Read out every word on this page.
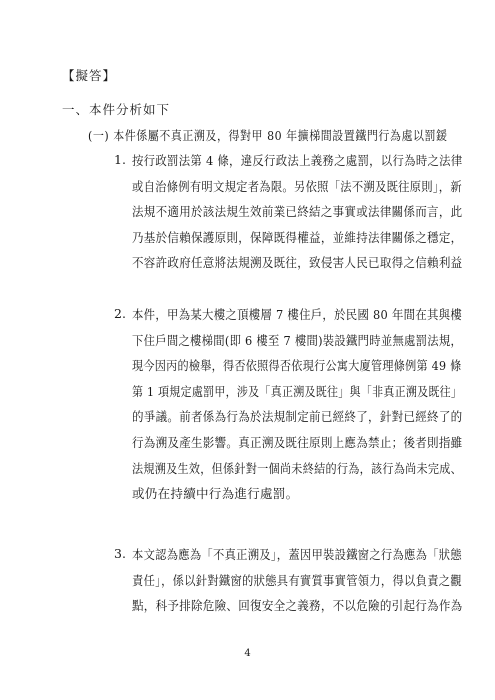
【擬答】
一、本件分析如下
(一) 本件係屬不真正溯及，得對甲 80 年擴梯間設置鐵門行為處以罰鍰
1. 按行政罰法第 4 條，違反行政法上義務之處罰，以行為時之法律
或自治條例有明文規定者為限。另依照「法不溯及既往原則」，新
法規不適用於該法規生效前業已終結之事實或法律關係而言，此
乃基於信賴保護原則，保障既得權益，並維持法律關係之穩定，
不容許政府任意將法規溯及既往，致侵害人民已取得之信賴利益
2. 本件，甲為某大樓之頂樓層 7 樓住戶，於民國 80 年間在其與樓
下住戶間之樓梯間(即 6 樓至 7 樓間)裝設鐵門時並無處罰法規，
現今因丙的檢舉，得否依照得否依現行公寓大廈管理條例第 49 條
第 1 項規定處罰甲，涉及「真正溯及既往」與「非真正溯及既往」
的爭議。前者係為行為於法規制定前已經終了，針對已經終了的
行為溯及產生影響。真正溯及既往原則上應為禁止；後者則指雖
法規溯及生效，但係針對一個尚未終結的行為，該行為尚未完成、
或仍在持續中行為進行處罰。
3. 本文認為應為「不真正溯及」，蓋因甲裝設鐵窗之行為應為「狀態
責任」，係以針對鐵窗的狀態具有實質事實管領力，得以負責之觀
點，科予排除危險、回復安全之義務，不以危險的引起行為作為
4
